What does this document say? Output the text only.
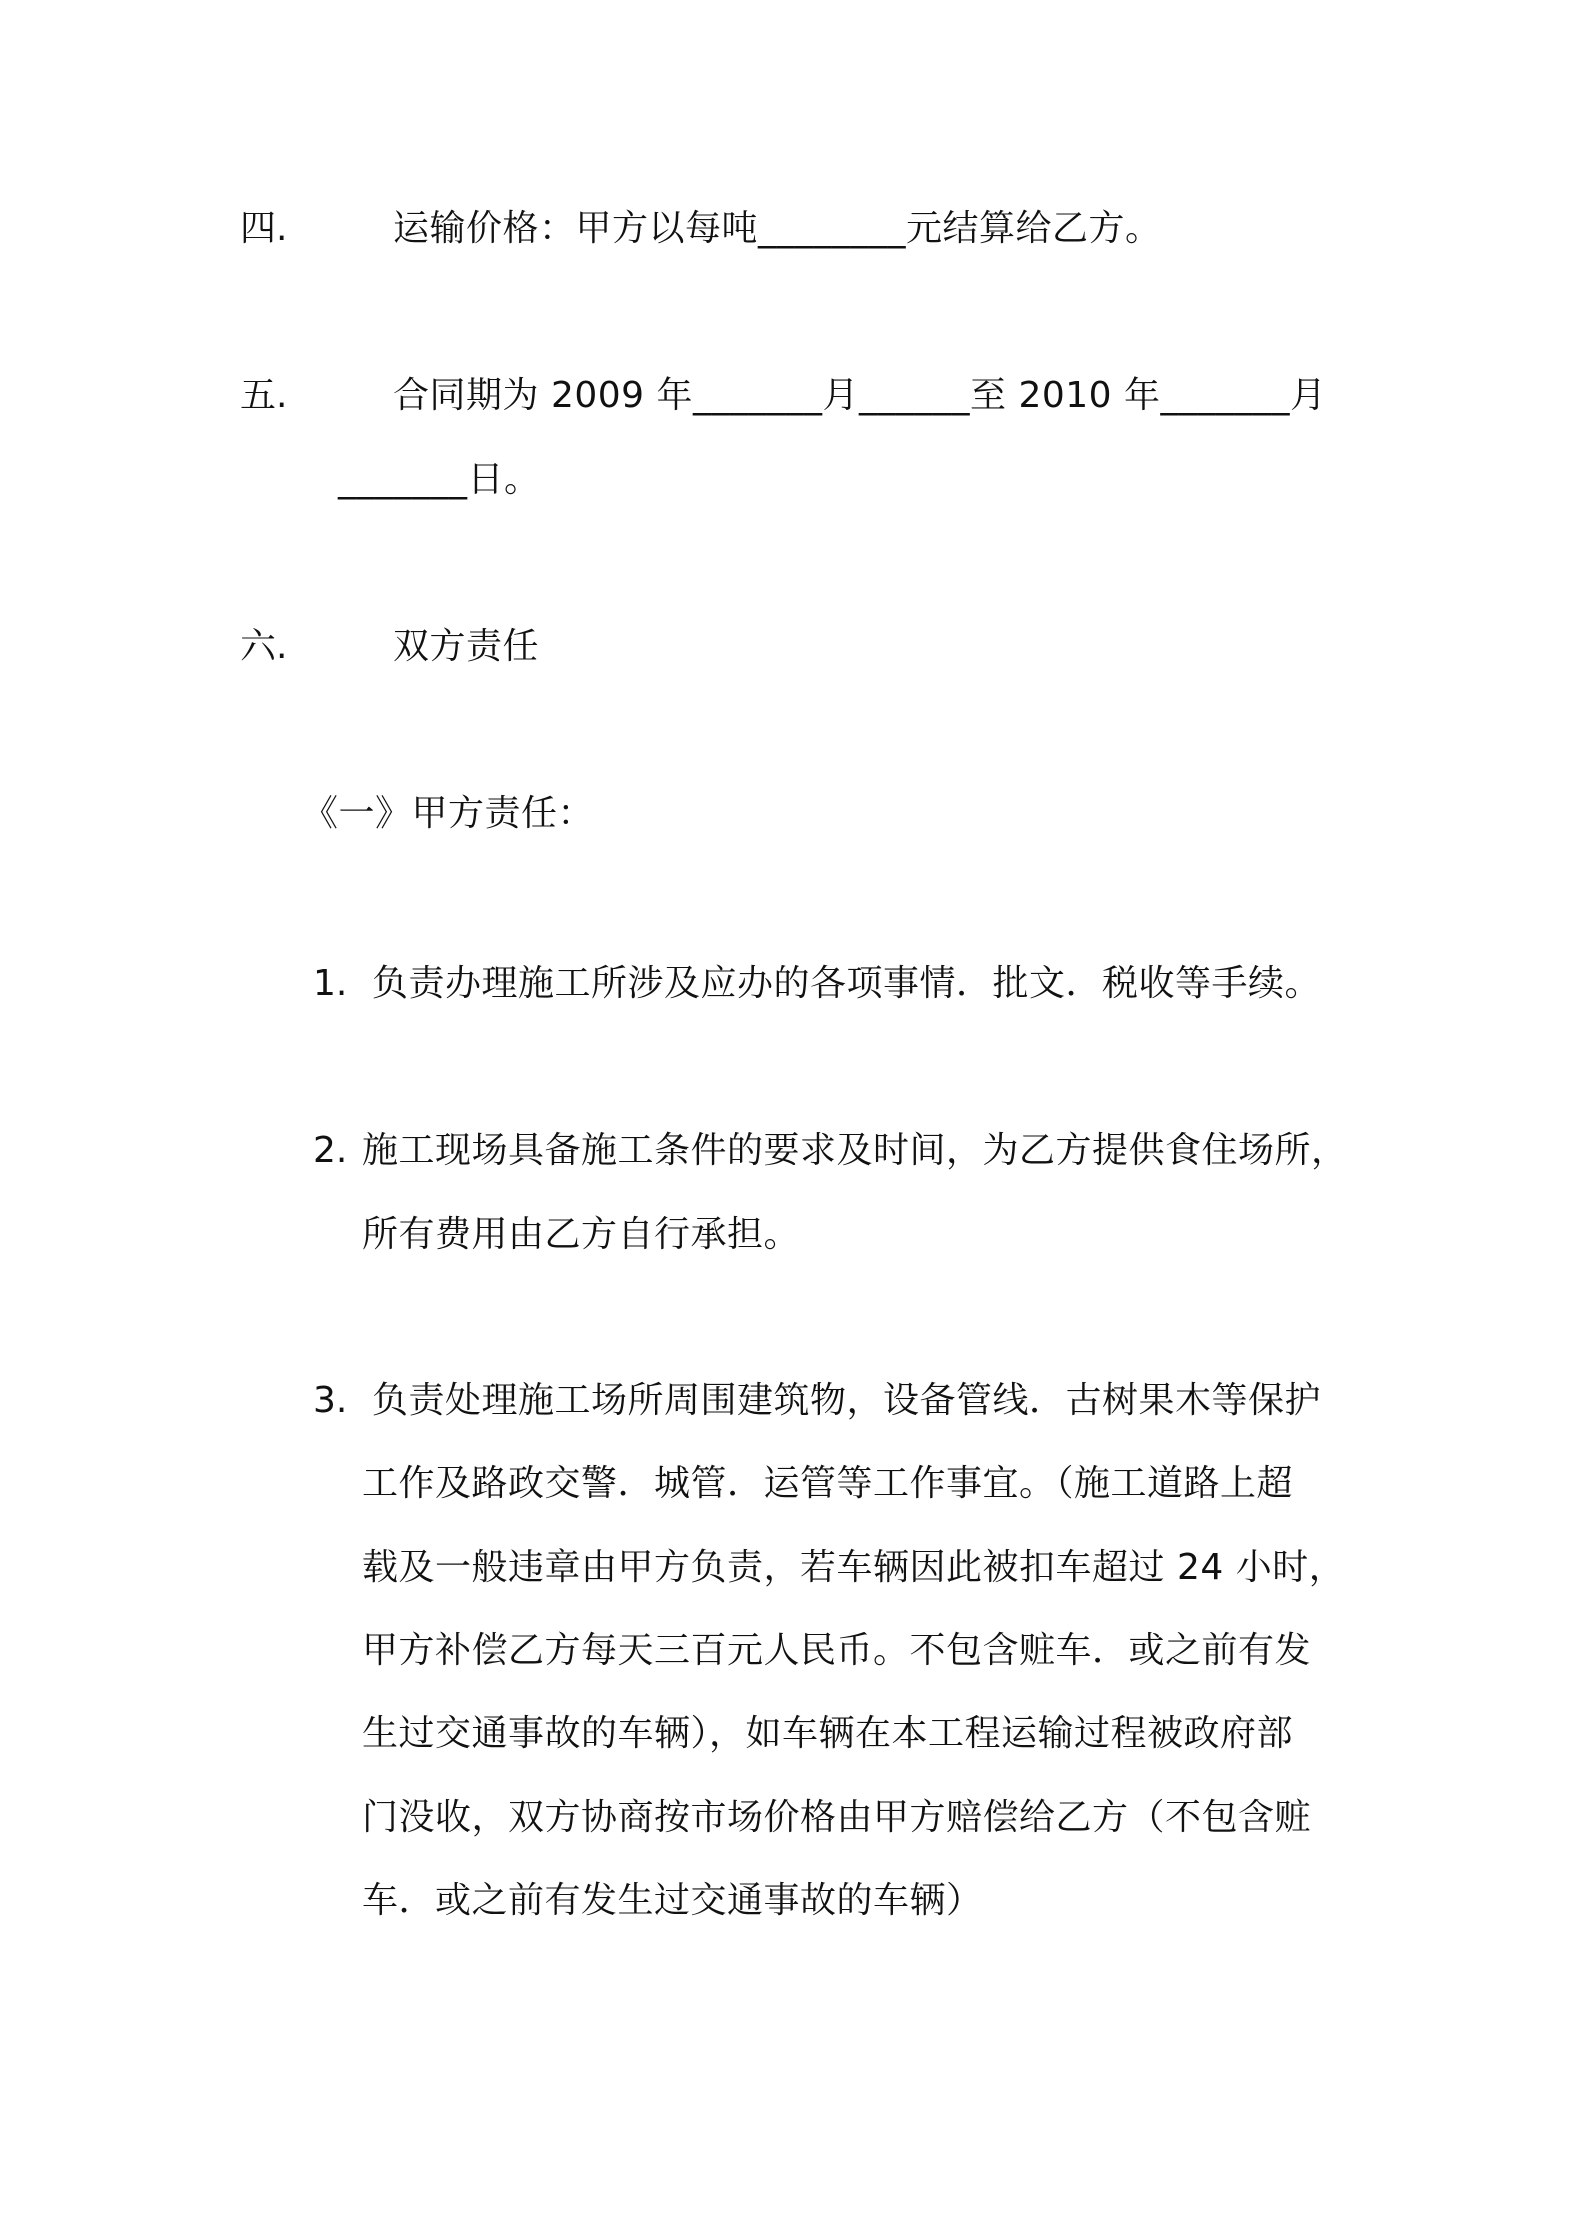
四.	运输价格：甲方以每吨________元结算给乙方。
五.	合同期为 2009 年_______月______至 2010 年_______月
_______日。
六.	双方责任
《一》甲方责任：
1. 负责办理施工所涉及应办的各项事情．批文．税收等手续。
2. 施工现场具备施工条件的要求及时间，为乙方提供食住场所，
所有费用由乙方自行承担。
3. 负责处理施工场所周围建筑物，设备管线．古树果木等保护
工作及路政交警．城管．运管等工作事宜。（施工道路上超
载及一般违章由甲方负责，若车辆因此被扣车超过 24 小时，
甲方补偿乙方每天三百元人民币。不包含赃车．或之前有发
生过交通事故的车辆），如车辆在本工程运输过程被政府部
门没收，双方协商按市场价格由甲方赔偿给乙方（不包含赃
车．或之前有发生过交通事故的车辆）
